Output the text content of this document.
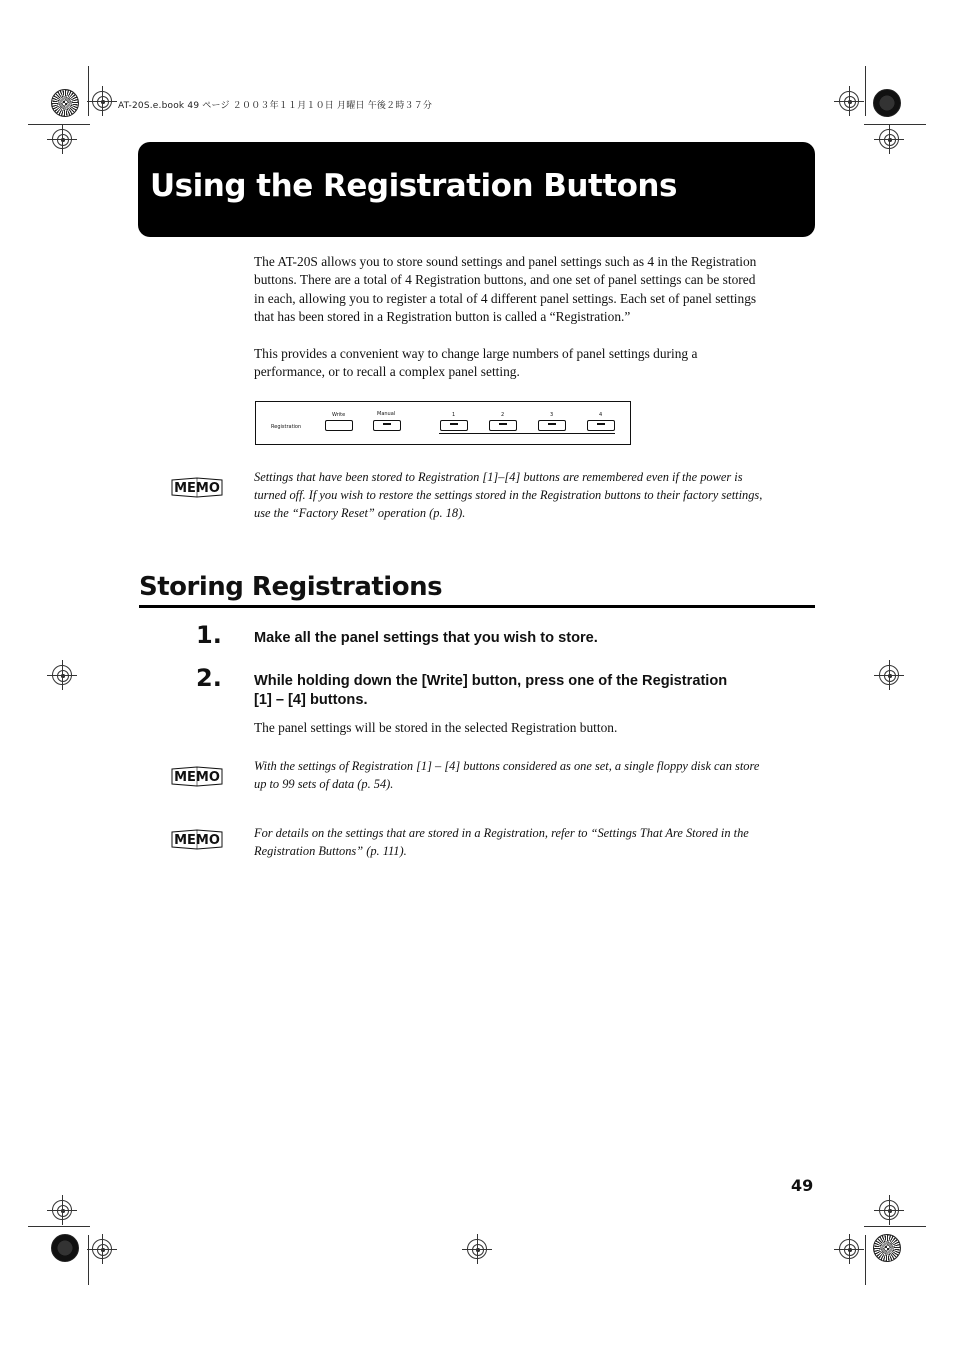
AT-20S.e.book 49 ページ ２００３年１１月１０日 月曜日 午後２時３７分
Using the Registration Buttons

The AT-20S allows you to store sound settings and panel settings such as 4 in the Registration buttons. There are a total of 4 Registration buttons, and one set of panel settings can be stored in each, allowing you to register a total of 4 different panel settings. Each set of panel settings that has been stored in a Registration button is called a “Registration.”

This provides a convenient way to change large numbers of panel settings during a performance, or to recall a complex panel setting.

Registration
Write	Manual	1	2	3	4
MEMO

Settings that have been stored to Registration [1]–[4] buttons are remembered even if the power is turned off. If you wish to restore the settings stored in the Registration buttons to their factory settings, use the “Factory Reset” operation (p. 18).

Storing Registrations
1. Make all the panel settings that you wish to store.
2. While holding down the [Write] button, press one of the Registration [1] – [4] buttons.

The panel settings will be stored in the selected Registration button.

MEMO

With the settings of Registration [1] – [4] buttons considered as one set, a single floppy disk can store up to 99 sets of data (p. 54).

MEMO	For details on the settings that are stored in a Registration, refer to “Settings That Are Stored in the Registration Buttons” (p. 111).

49
